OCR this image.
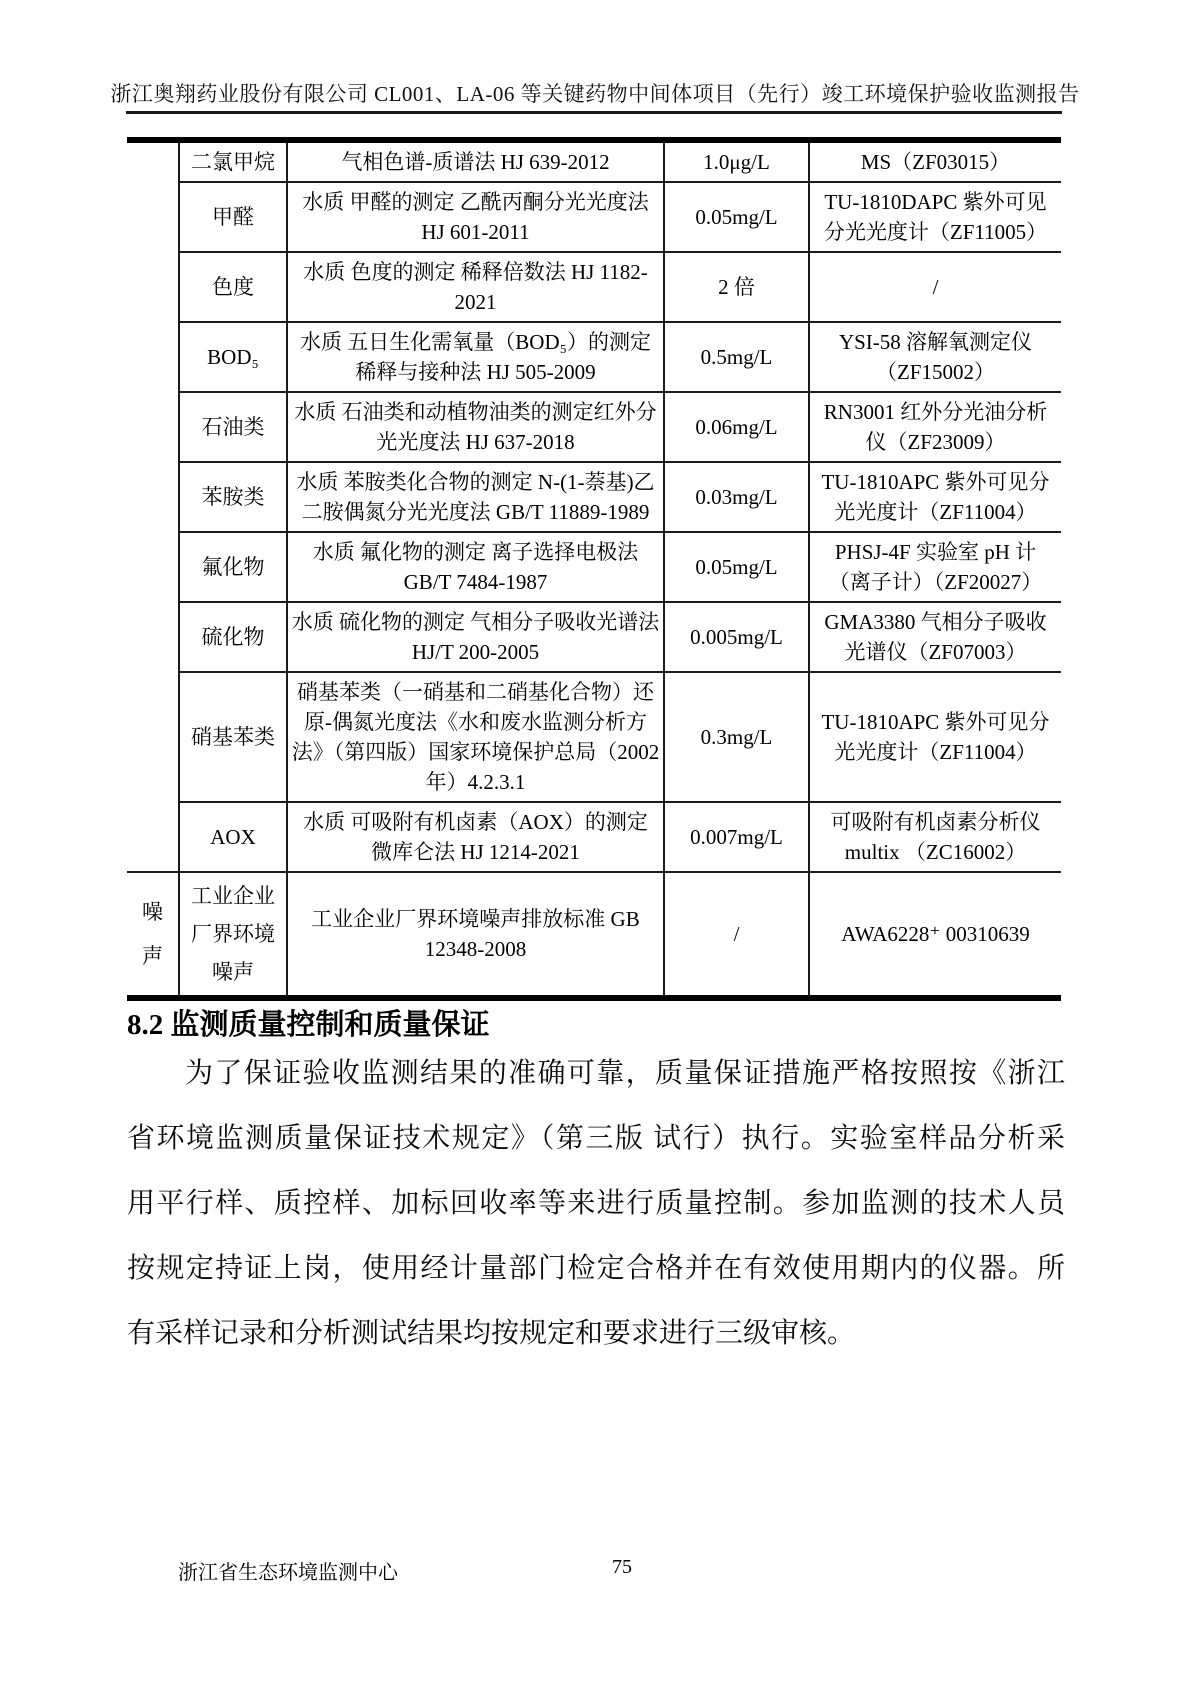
浙江奥翔药业股份有限公司 CL001、LA-06 等关键药物中间体项目（先行）竣工环境保护验收监测报告
	二氯甲烷	气相色谱-质谱法 HJ 639-2012	1.0μg/L	MS（ZF03015）
	甲醛	水质 甲醛的测定 乙酰丙酮分光光度法 HJ 601-2011	0.05mg/L	TU-1810DAPC 紫外可见分光光度计（ZF11005）
	色度	水质 色度的测定 稀释倍数法 HJ 1182-2021	2 倍	/
	BOD₅	水质 五日生化需氧量（BOD₅）的测定 稀释与接种法 HJ 505-2009	0.5mg/L	YSI-58 溶解氧测定仪 （ZF15002）
	石油类	水质 石油类和动植物油类的测定红外分光光度法 HJ 637-2018	0.06mg/L	RN3001 红外分光油分析仪（ZF23009）
	苯胺类	水质 苯胺类化合物的测定 N-(1-萘基)乙二胺偶氮分光光度法 GB/T 11889-1989	0.03mg/L	TU-1810APC 紫外可见分光光度计（ZF11004）
	氟化物	水质 氟化物的测定 离子选择电极法 GB/T 7484-1987	0.05mg/L	PHSJ-4F 实验室 pH 计（离子计）（ZF20027）
	硫化物	水质 硫化物的测定 气相分子吸收光谱法 HJ/T 200-2005	0.005mg/L	GMA3380 气相分子吸收光谱仪（ZF07003）
	硝基苯类	硝基苯类（一硝基和二硝基化合物）还原-偶氮光度法《水和废水监测分析方法》（第四版）国家环境保护总局（2002 年）4.2.3.1	0.3mg/L	TU-1810APC 紫外可见分光光度计（ZF11004）
	AOX	水质 可吸附有机卤素（AOX）的测定 微库仑法 HJ 1214-2021	0.007mg/L	可吸附有机卤素分析仪 multix （ZC16002）
噪声	工业企业厂界环境噪声	工业企业厂界环境噪声排放标准 GB 12348-2008	/	AWA6228⁺ 00310639
8.2 监测质量控制和质量保证
为了保证验收监测结果的准确可靠，质量保证措施严格按照按《浙江
省环境监测质量保证技术规定》（第三版 试行）执行。实验室样品分析采
用平行样、质控样、加标回收率等来进行质量控制。参加监测的技术人员
按规定持证上岗，使用经计量部门检定合格并在有效使用期内的仪器。所
有采样记录和分析测试结果均按规定和要求进行三级审核。
浙江省生态环境监测中心	75
